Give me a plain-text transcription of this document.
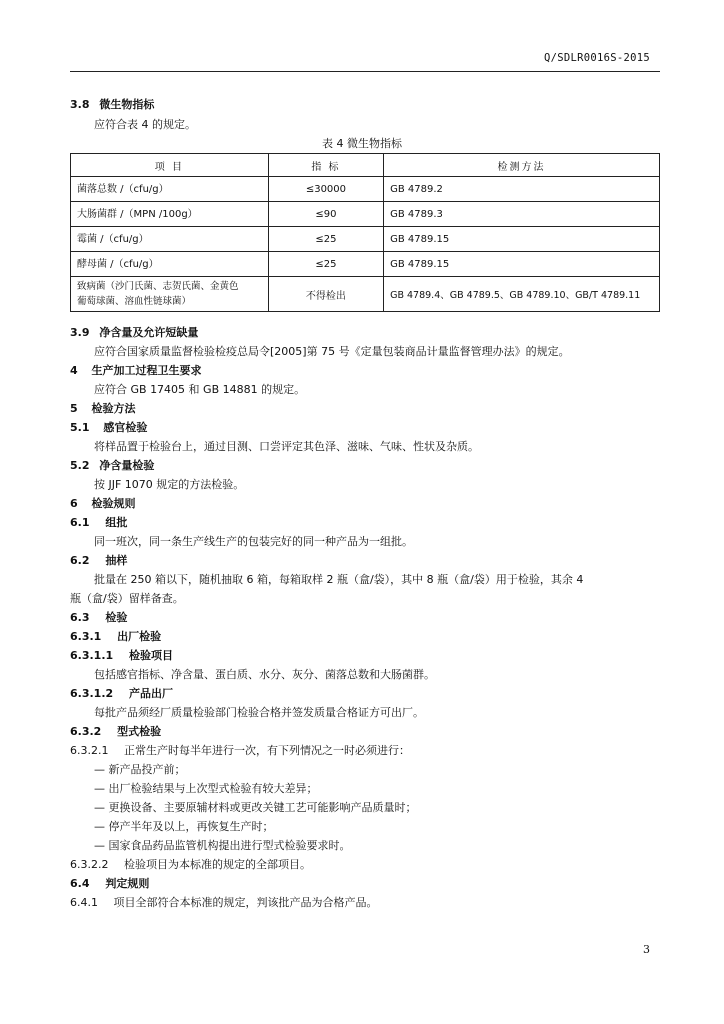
Q/SDLR0016S-2015
3.8 微生物指标
应符合表 4 的规定。
表 4 微生物指标
项 目	指 标	检测方法
菌落总数 /（cfu/g）	≤30000	GB 4789.2
大肠菌群 /（MPN /100g）	≤90	GB 4789.3
霉菌 /（cfu/g）	≤25	GB 4789.15
酵母菌 /（cfu/g）	≤25	GB 4789.15

致病菌（沙门氏菌、志贺氏菌、金黄色
葡萄球菌、溶血性链球菌）	不得检出	GB 4789.4、GB 4789.5、GB 4789.10、GB/T 4789.11
3.9 净含量及允许短缺量
应符合国家质量监督检验检疫总局令[2005]第 75 号《定量包装商品计量监督管理办法》的规定。
4 生产加工过程卫生要求
应符合 GB 17405 和 GB 14881 的规定。
5 检验方法
5.1 感官检验
将样品置于检验台上，通过目测、口尝评定其色泽、滋味、气味、性状及杂质。
5.2 净含量检验
按 JJF 1070 规定的方法检验。
6 检验规则
6.1 组批
同一班次，同一条生产线生产的包装完好的同一种产品为一组批。
6.2 抽样
批量在 250 箱以下，随机抽取 6 箱，每箱取样 2 瓶（盒/袋），其中 8 瓶（盒/袋）用于检验，其余 4
瓶（盒/袋）留样备查。
6.3 检验
6.3.1 出厂检验
6.3.1.1 检验项目
包括感官指标、净含量、蛋白质、水分、灰分、菌落总数和大肠菌群。
6.3.1.2 产品出厂
每批产品须经厂质量检验部门检验合格并签发质量合格证方可出厂。
6.3.2 型式检验
6.3.2.1 正常生产时每半年进行一次，有下列情况之一时必须进行：
— 新产品投产前；
— 出厂检验结果与上次型式检验有较大差异；
— 更换设备、主要原辅材料或更改关键工艺可能影响产品质量时；
— 停产半年及以上，再恢复生产时；
— 国家食品药品监管机构提出进行型式检验要求时。
6.3.2.2 检验项目为本标准的规定的全部项目。
6.4 判定规则
6.4.1 项目全部符合本标准的规定，判该批产品为合格产品。
3
